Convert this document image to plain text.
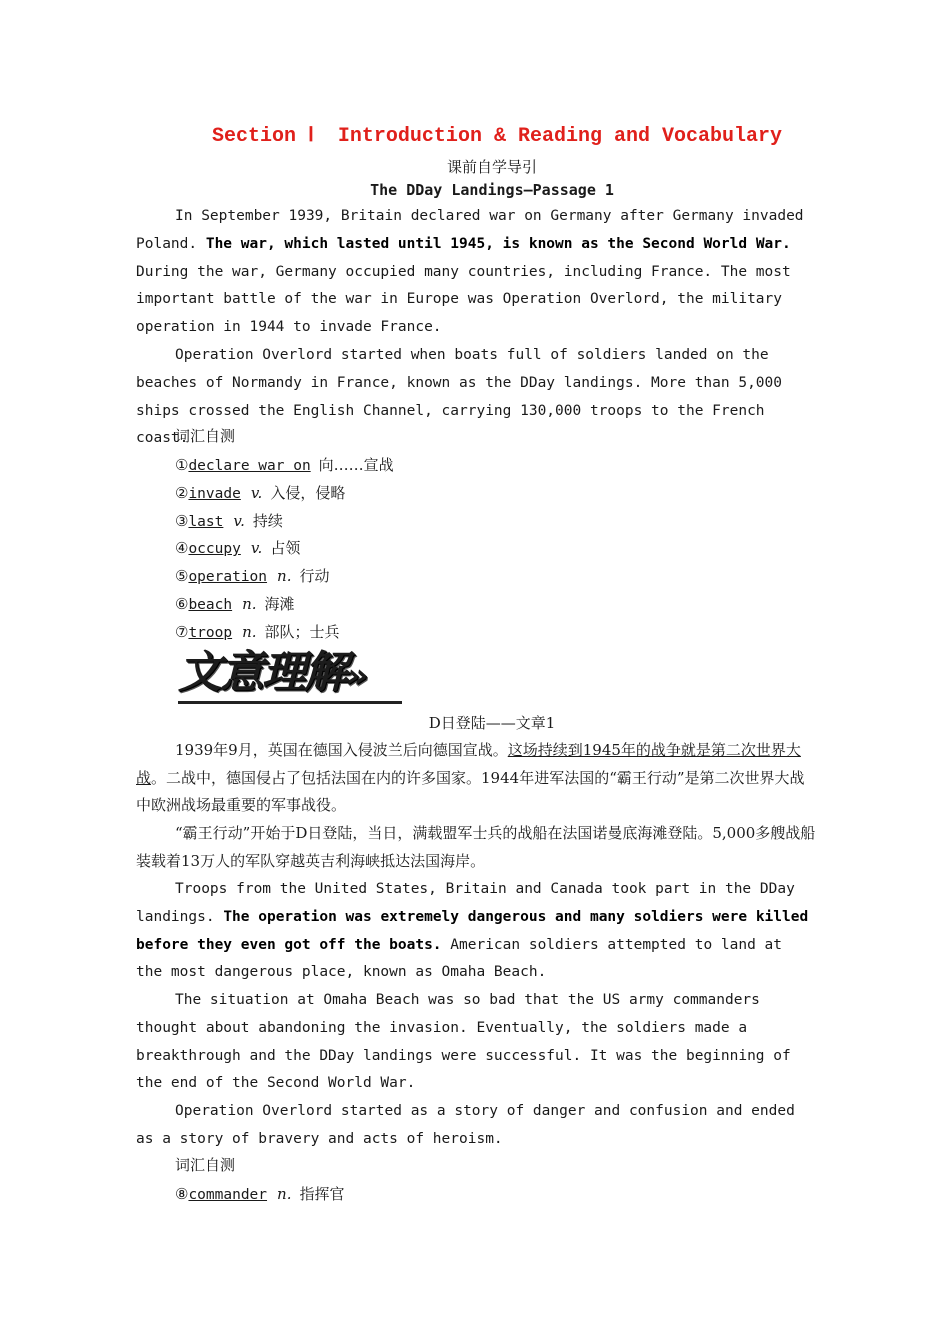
Section Ⅰ  Introduction & Reading and Vocabulary
课前自学导引
The DDay Landings—Passage 1
In September 1939, Britain declared war on Germany after Germany invaded Poland. The war, which lasted until 1945, is known as the Second World War. During the war, Germany occupied many countries, including France. The most important battle of the war in Europe was Operation Overlord, the military operation in 1944 to invade France.
Operation Overlord started when boats full of soldiers landed on the beaches of Normandy in France, known as the DDay landings. More than 5,000 ships crossed the English Channel, carrying 130,000 troops to the French coast.
词汇自测
①declare war on 向……宣战
②invade v. 入侵，侵略
③last v. 持续
④occupy v. 占领
⑤operation n. 行动
⑥beach n. 海滩
⑦troop n. 部队；士兵
文意理解»
D日登陆——文章1
1939年9月，英国在德国入侵波兰后向德国宣战。这场持续到1945年的战争就是第二次世界大战。二战中，德国侵占了包括法国在内的许多国家。1944年进军法国的“霸王行动”是第二次世界大战中欧洲战场最重要的军事战役。
“霸王行动”开始于D日登陆，当日，满载盟军士兵的战船在法国诺曼底海滩登陆。5,000多艘战船装载着13万人的军队穿越英吉利海峡抵达法国海岸。
Troops from the United States, Britain and Canada took part in the DDay landings. The operation was extremely dangerous and many soldiers were killed before they even got off the boats. American soldiers attempted to land at the most dangerous place, known as Omaha Beach.
The situation at Omaha Beach was so bad that the US army commanders thought about abandoning the invasion. Eventually, the soldiers made a breakthrough and the DDay landings were successful. It was the beginning of the end of the Second World War.
Operation Overlord started as a story of danger and confusion and ended as a story of bravery and acts of heroism.
词汇自测
⑧commander n. 指挥官
